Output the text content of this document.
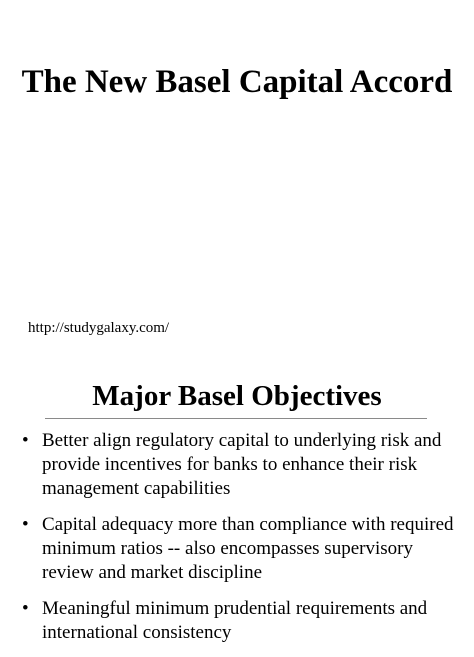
The New Basel Capital Accord
http://studygalaxy.com/
Major Basel Objectives
• Better align regulatory capital to underlying risk and provide incentives for banks to enhance their risk management capabilities
• Capital adequacy more than compliance with required minimum ratios -- also encompasses supervisory review and market discipline
• Meaningful minimum prudential requirements and international consistency
